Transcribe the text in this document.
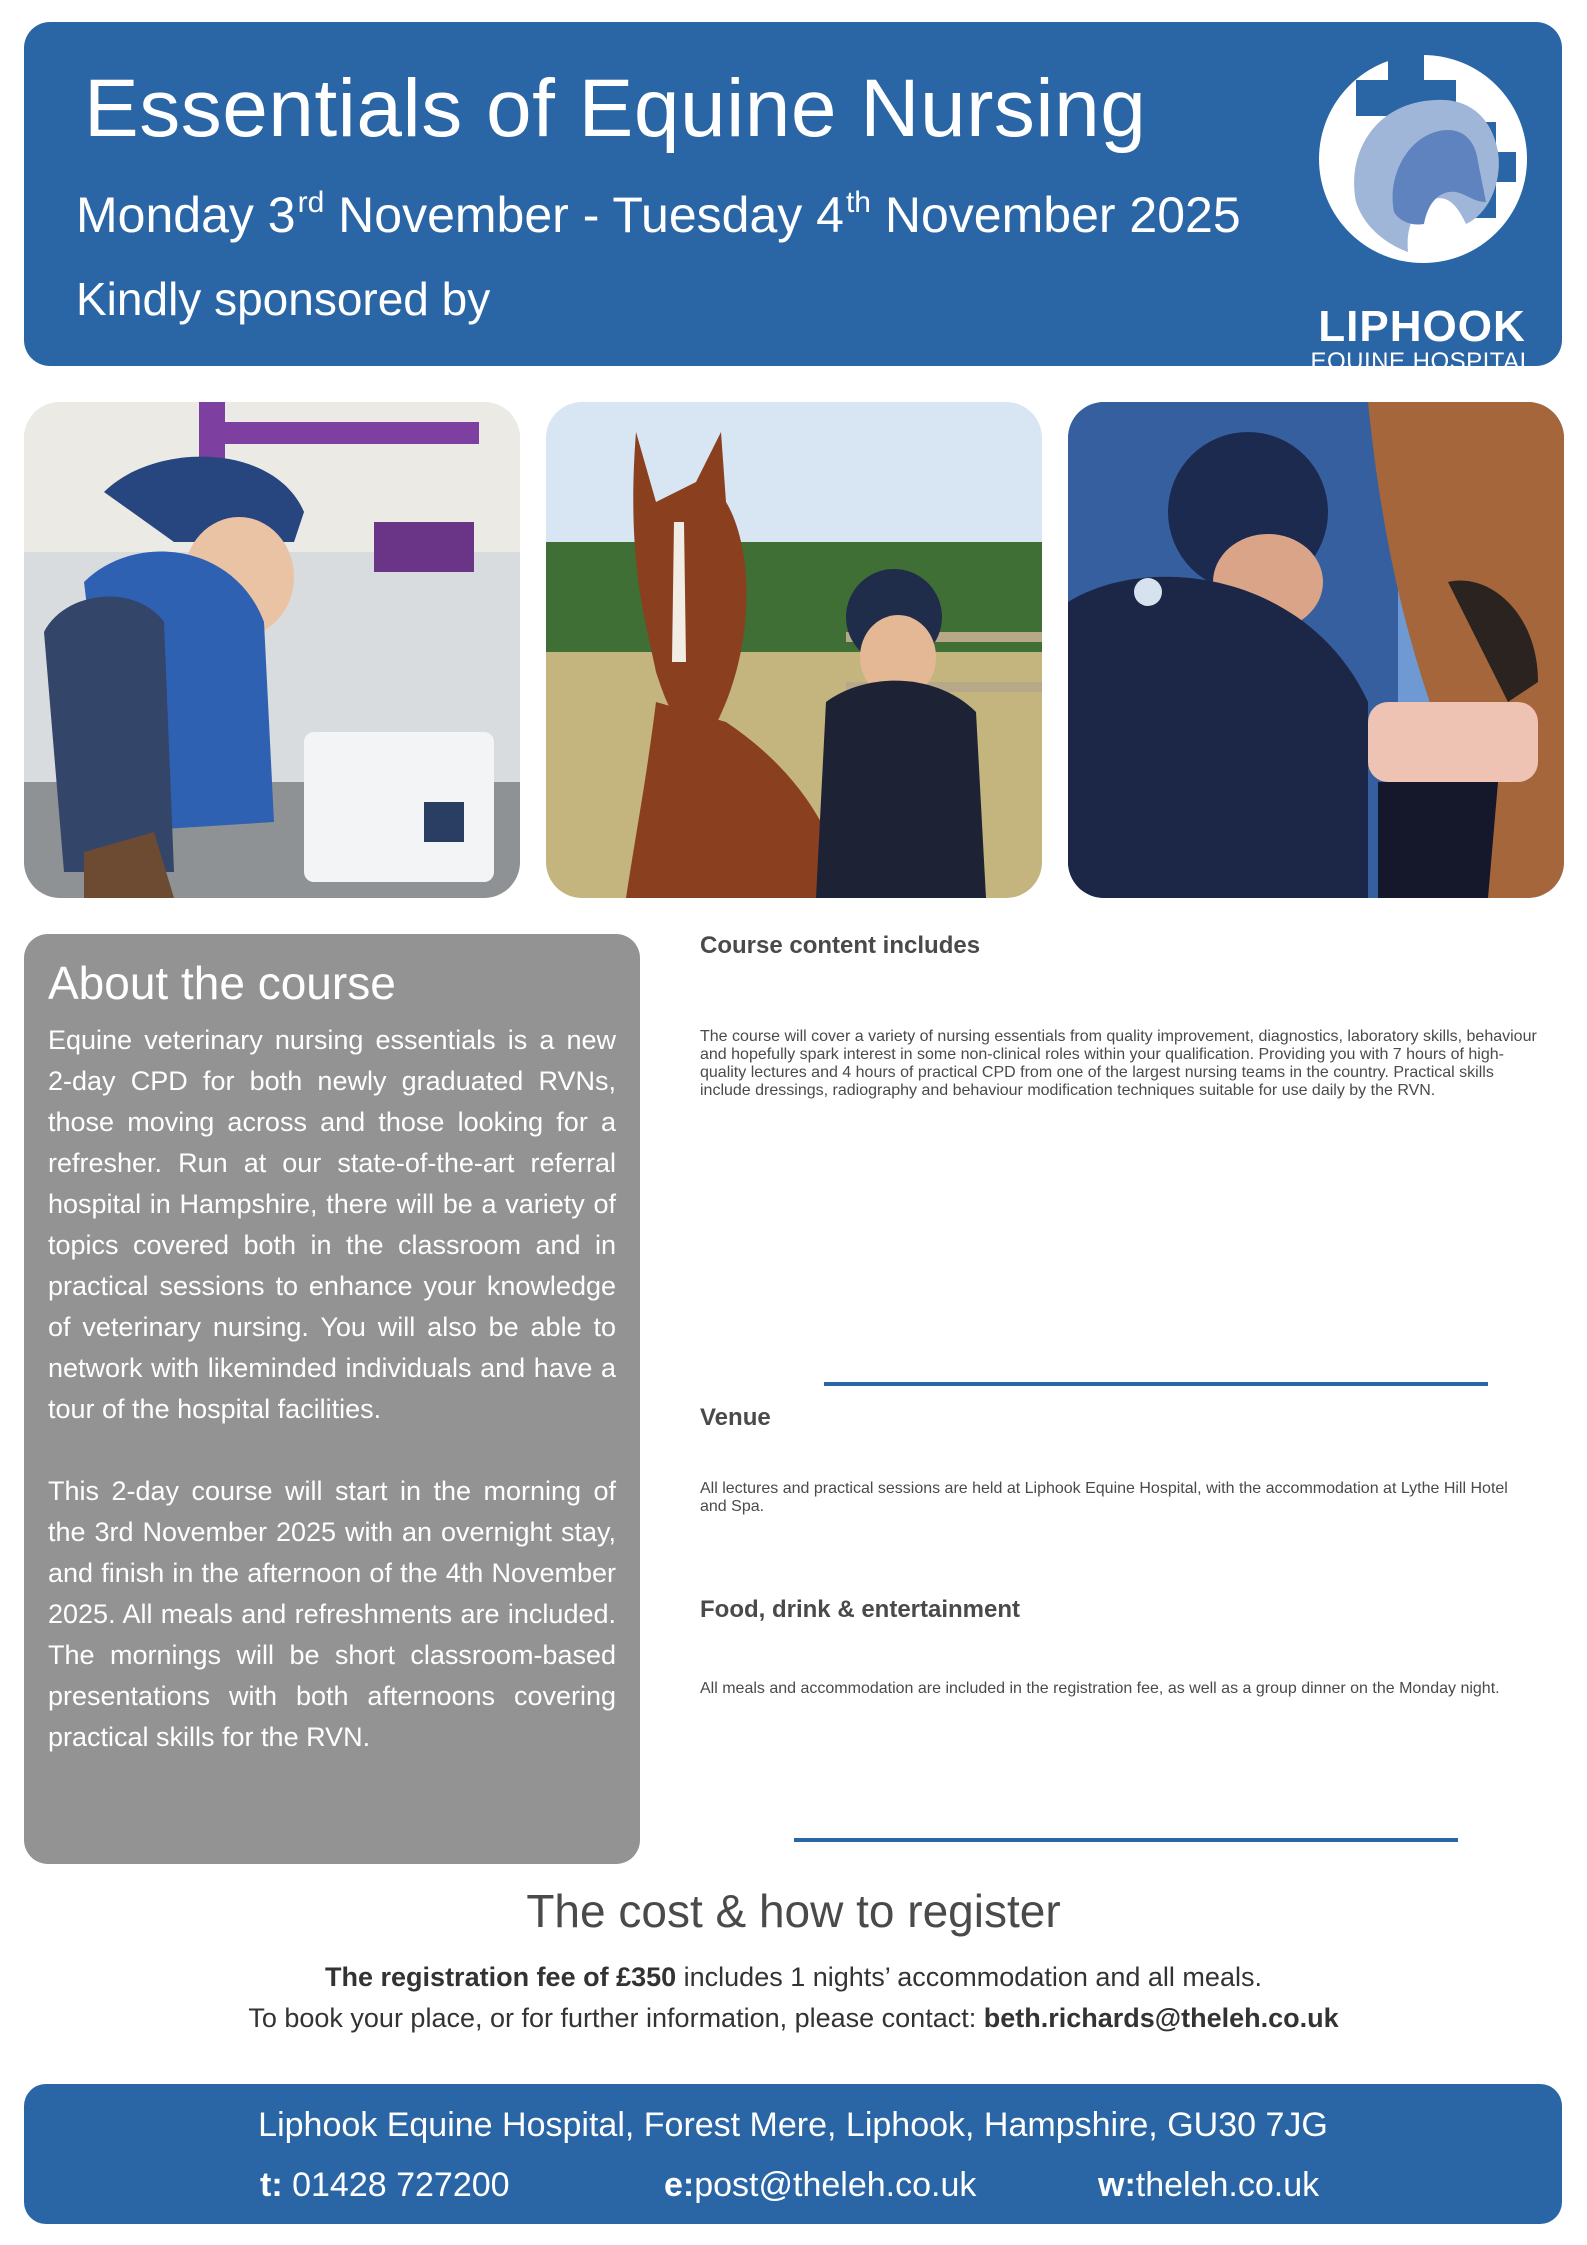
Essentials of Equine Nursing
Monday 3rd November - Tuesday 4th November 2025
Kindly sponsored by
LIPHOOK
EQUINE HOSPITAL
About the course

Equine veterinary nursing essentials is a new 2-day CPD for both newly graduated RVNs, those moving across and those looking for a refresher. Run at our state-of-the-art referral hospital in Hampshire, there will be a variety of topics covered both in the classroom and in practical sessions to enhance your knowledge of veterinary nursing. You will also be able to network with likeminded individuals and have a tour of the hospital facilities.

This 2-day course will start in the morning of the 3rd November 2025 with an overnight stay, and finish in the afternoon of the 4th November 2025. All meals and refreshments are included. The mornings will be short classroom-based presentations with both afternoons covering practical skills for the RVN.

Course content includes

The course will cover a variety of nursing essentials from quality improvement, diagnostics, laboratory skills, behaviour and hopefully spark interest in some non-clinical roles within your qualification. Providing you with 7 hours of high-quality lectures and 4 hours of practical CPD from one of the largest nursing teams in the country. Practical skills include dressings, radiography and behaviour modification techniques suitable for use daily by the RVN.

Venue

All lectures and practical sessions are held at Liphook Equine Hospital, with the accommodation at Lythe Hill Hotel and Spa.

Food, drink & entertainment

All meals and accommodation are included in the registration fee, as well as a group dinner on the Monday night.

The cost & how to register
The registration fee of £350 includes 1 nights’ accommodation and all meals.
To book your place, or for further information, please contact: beth.richards@theleh.co.uk
Liphook Equine Hospital, Forest Mere, Liphook, Hampshire, GU30 7JG
t: 01428 727200	e:post@theleh.co.uk	w:theleh.co.uk
